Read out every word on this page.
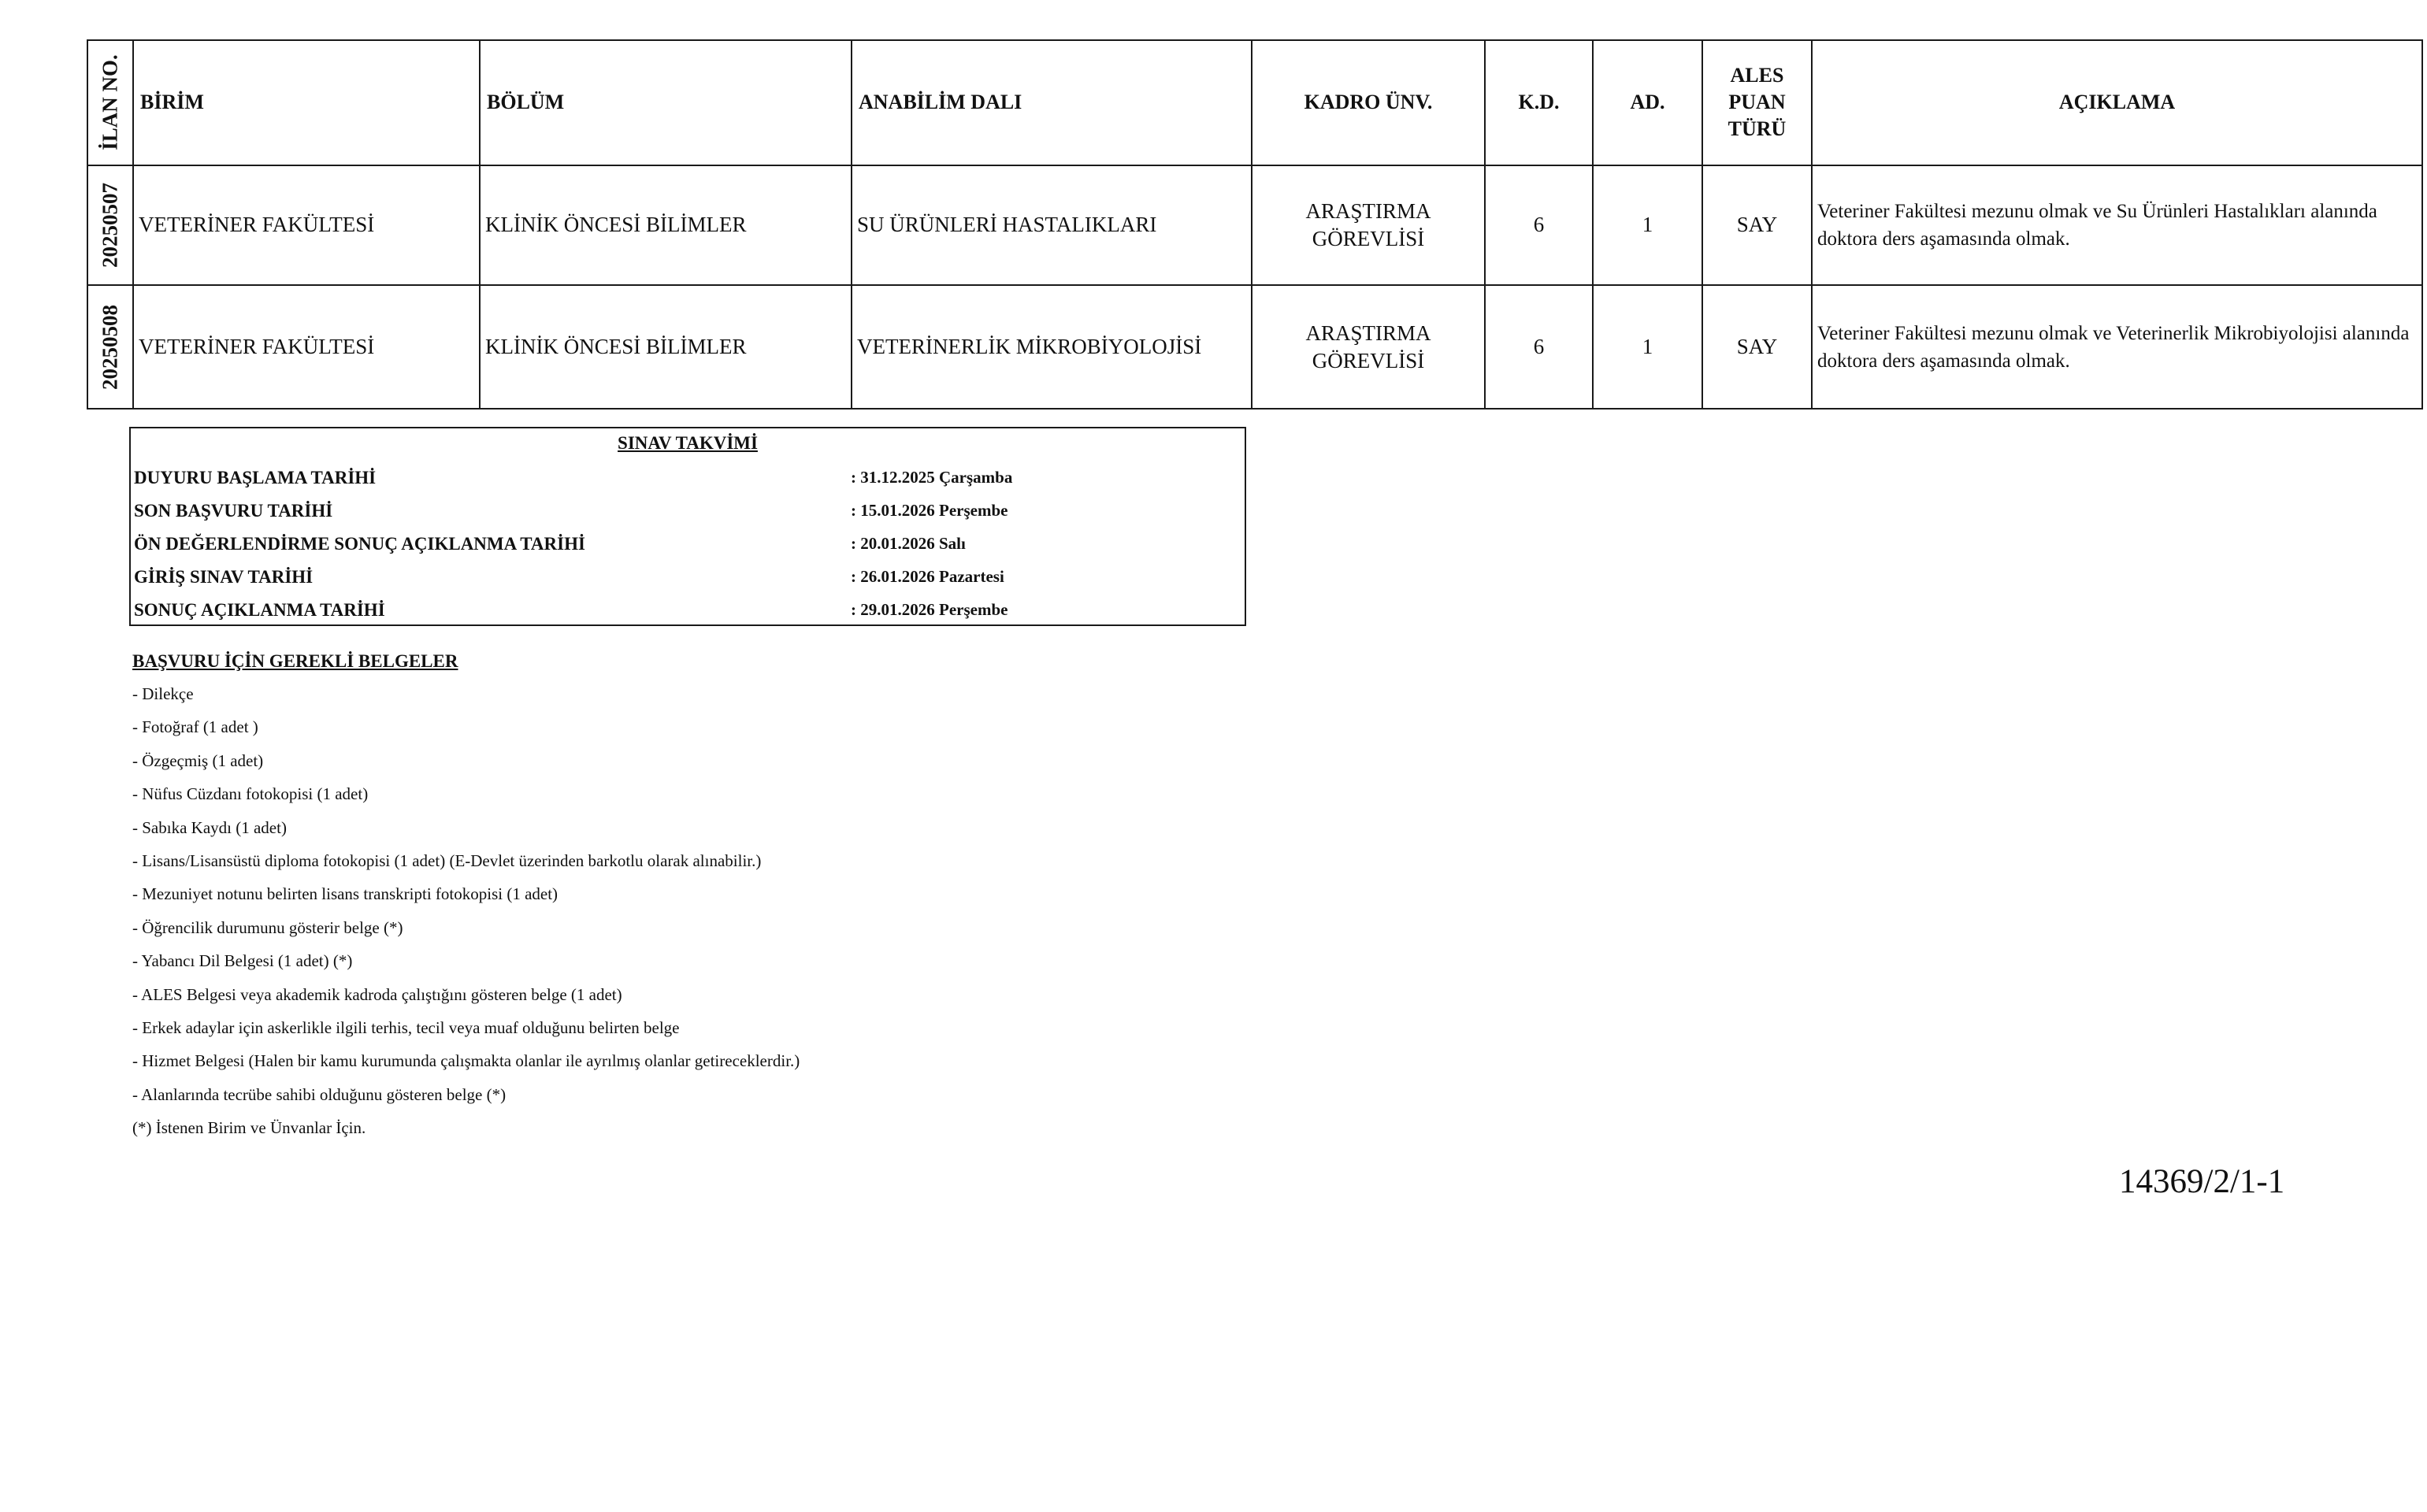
İLAN NO.	BİRİM	BÖLÜM	ANABİLİM DALI	KADRO ÜNV.	K.D.	AD.	ALES
PUAN
TÜRÜ	AÇIKLAMA

20250507	VETERİNER FAKÜLTESİ	KLİNİK ÖNCESİ BİLİMLER	SU ÜRÜNLERİ HASTALIKLARI	ARAŞTIRMA
GÖREVLİSİ	6	1	SAY	Veteriner Fakültesi mezunu olmak ve Su Ürünleri Hastalıkları alanında doktora ders aşamasında olmak.

20250508	VETERİNER FAKÜLTESİ	KLİNİK ÖNCESİ BİLİMLER	VETERİNERLİK MİKROBİYOLOJİSİ	ARAŞTIRMA
GÖREVLİSİ	6	1	SAY	Veteriner Fakültesi mezunu olmak ve Veterinerlik Mikrobiyolojisi alanında doktora ders aşamasında olmak.
SINAV TAKVİMİ
DUYURU BAŞLAMA TARİHİ	: 31.12.2025 Çarşamba
SON BAŞVURU TARİHİ	: 15.01.2026 Perşembe
ÖN DEĞERLENDİRME SONUÇ AÇIKLANMA TARİHİ	: 20.01.2026 Salı
GİRİŞ SINAV TARİHİ	: 26.01.2026 Pazartesi
SONUÇ AÇIKLANMA TARİHİ	: 29.01.2026 Perşembe
BAŞVURU İÇİN GEREKLİ BELGELER
- Dilekçe
- Fotoğraf (1 adet )
- Özgeçmiş (1 adet)
- Nüfus Cüzdanı fotokopisi (1 adet)
- Sabıka Kaydı (1 adet)
- Lisans/Lisansüstü diploma fotokopisi (1 adet) (E-Devlet üzerinden barkotlu olarak alınabilir.)
- Mezuniyet notunu belirten lisans transkripti fotokopisi (1 adet)
- Öğrencilik durumunu gösterir belge (*)
- Yabancı Dil Belgesi (1 adet) (*)
- ALES Belgesi veya akademik kadroda çalıştığını gösteren belge (1 adet)
- Erkek adaylar için askerlikle ilgili terhis, tecil veya muaf olduğunu belirten belge
- Hizmet Belgesi (Halen bir kamu kurumunda çalışmakta olanlar ile ayrılmış olanlar getireceklerdir.)
- Alanlarında tecrübe sahibi olduğunu gösteren belge (*)
(*) İstenen Birim ve Ünvanlar İçin.
14369/2/1-1
